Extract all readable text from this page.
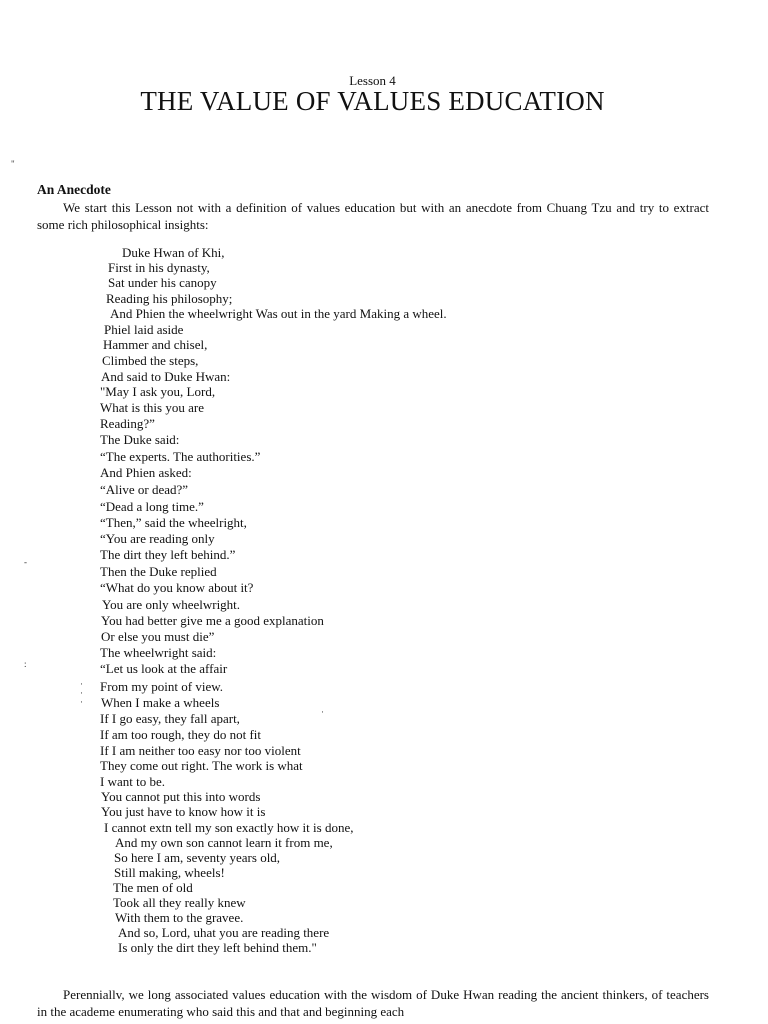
Lesson 4
THE VALUE OF VALUES EDUCATION
"
An Anecdote

We start this Lesson not with a definition of values education but with an anecdote from Chuang Tzu and try to extract some rich philosophical insights:

Duke Hwan of Khi,
First in his dynasty,
Sat under his canopy
Reading his philosophy;
And Phien the wheelwright Was out in the yard Making a wheel.
Phiel laid aside
Hammer and chisel,
Climbed the steps,
And said to Duke Hwan:
"May I ask you, Lord,
What is this you are
Reading?”
The Duke said:
“The experts. The authorities.”
And Phien asked:
“Alive or dead?”
“Dead a long time.”
“Then,” said the wheelright,
“You are reading only
The dirt they left behind.”
Then the Duke replied
“What do you know about it?
You are only wheelwright.
You had better give me a good explanation
Or else you must die”
The wheelwright said:
“Let us look at the affair
From my point of view.
When I make a wheels
If I go easy, they fall apart,
If am too rough, they do not fit
If I am neither too easy nor too violent
They come out right. The work is what
I want to be.
You cannot put this into words
You just have to know how it is
I cannot extn tell my son exactly how it is done,
And my own son cannot learn it from me,
So here I am, seventy years old,
Still making, wheels!
The men of old
Took all they really knew
With them to the gravee.
And so, Lord, uhat you are reading there
Is only the dirt they left behind them."
-
:
·
·
·
·

Perenniallv, we long associated values education with the wisdom of Duke Hwan reading the ancient thinkers, of teachers in the academe enumerating who said this and that and beginning each
